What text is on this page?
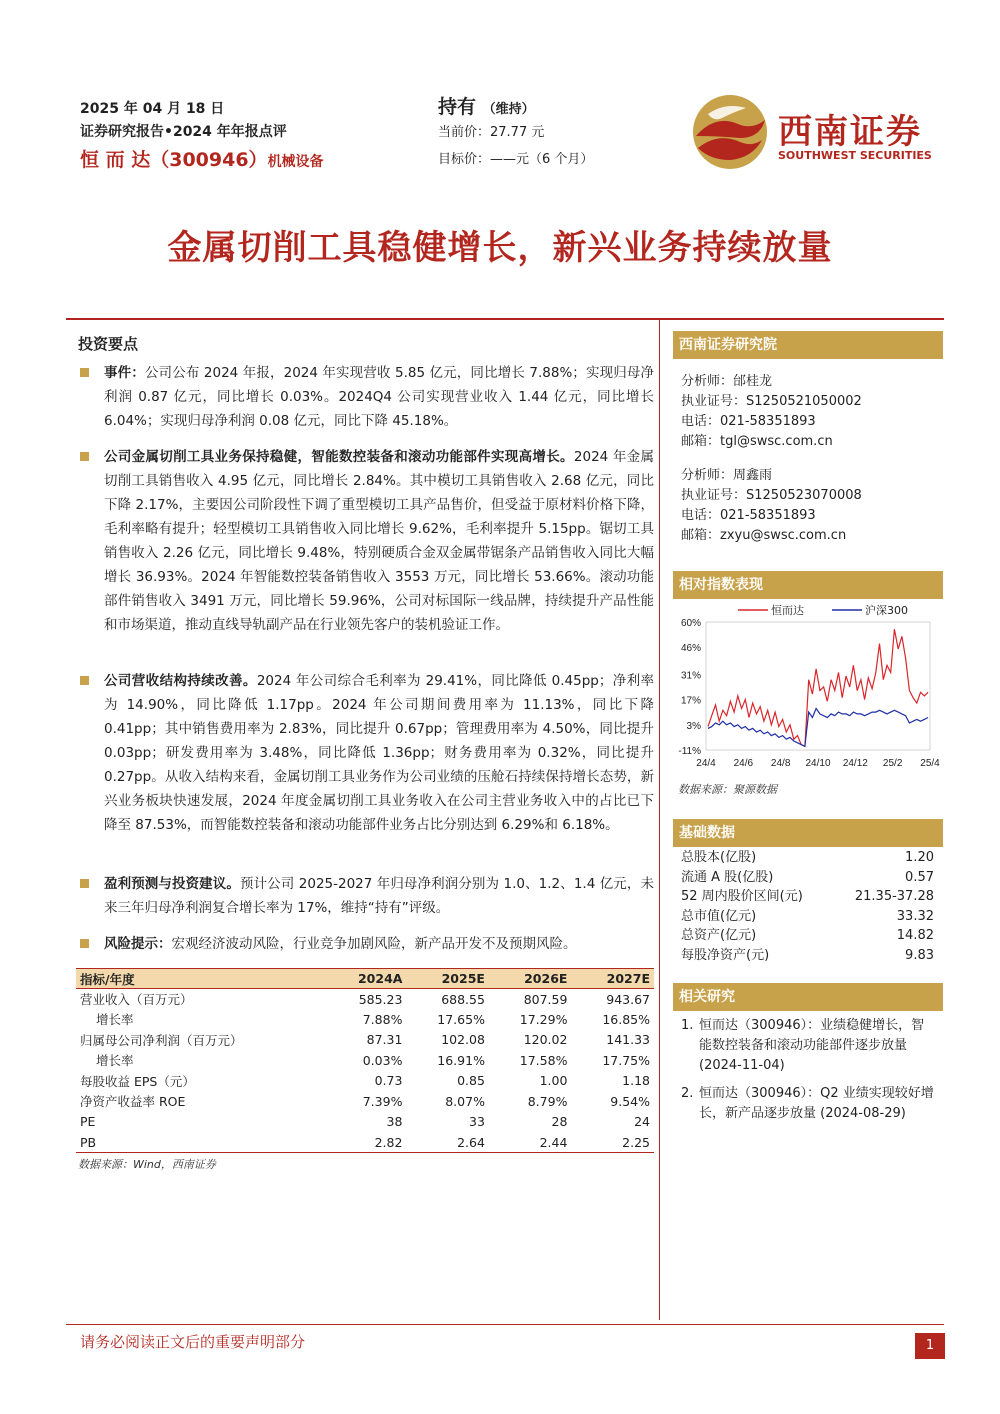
2025 年 04 月 18 日
证券研究报告•2024 年年报点评
恒 而 达（300946）机械设备
持有 （维持）
当前价：27.77 元
目标价：——元（6 个月）
西南证券
SOUTHWEST SECURITIES
金属切削工具稳健增长，新兴业务持续放量
投资要点
事件：公司公布 2024 年报，2024 年实现营收 5.85 亿元，同比增长 7.88%；实现归母净利润 0.87 亿元，同比增长 0.03%。2024Q4 公司实现营业收入 1.44 亿元，同比增长 6.04%；实现归母净利润 0.08 亿元，同比下降 45.18%。
公司金属切削工具业务保持稳健，智能数控装备和滚动功能部件实现高增长。2024 年金属切削工具销售收入 4.95 亿元，同比增长 2.84%。其中模切工具销售收入 2.68 亿元，同比下降 2.17%，主要因公司阶段性下调了重型模切工具产品售价，但受益于原材料价格下降，毛利率略有提升；轻型模切工具销售收入同比增长 9.62%，毛利率提升 5.15pp。锯切工具销售收入 2.26 亿元，同比增长 9.48%，特别硬质合金双金属带锯条产品销售收入同比大幅增长 36.93%。2024 年智能数控装备销售收入 3553 万元，同比增长 53.66%。滚动功能部件销售收入 3491 万元，同比增长 59.96%，公司对标国际一线品牌，持续提升产品性能和市场渠道，推动直线导轨副产品在行业领先客户的装机验证工作。
公司营收结构持续改善。2024 年公司综合毛利率为 29.41%，同比降低 0.45pp；净利率为 14.90%，同比降低 1.17pp。2024 年公司期间费用率为 11.13%，同比下降 0.41pp；其中销售费用率为 2.83%，同比提升 0.67pp；管理费用率为 4.50%，同比提升 0.03pp；研发费用率为 3.48%，同比降低 1.36pp；财务费用率为 0.32%，同比提升 0.27pp。从收入结构来看，金属切削工具业务作为公司业绩的压舱石持续保持增长态势，新兴业务板块快速发展，2024 年度金属切削工具业务收入在公司主营业务收入中的占比已下降至 87.53%，而智能数控装备和滚动功能部件业务占比分别达到 6.29%和 6.18%。
盈利预测与投资建议。预计公司 2025-2027 年归母净利润分别为 1.0、1.2、1.4 亿元，未来三年归母净利润复合增长率为 17%，维持“持有”评级。
风险提示：宏观经济波动风险，行业竞争加剧风险，新产品开发不及预期风险。
指标/年度	2024A	2025E	2026E	2027E
营业收入（百万元）	585.23	688.55	807.59	943.67
增长率	7.88%	17.65%	17.29%	16.85%
归属母公司净利润（百万元）	87.31	102.08	120.02	141.33
增长率	0.03%	16.91%	17.58%	17.75%
每股收益 EPS（元）	0.73	0.85	1.00	1.18
净资产收益率 ROE	7.39%	8.07%	8.79%	9.54%
PE	38	33	28	24
PB	2.82	2.64	2.44	2.25
数据来源：Wind，西南证券
西南证券研究院
分析师：邰桂龙
执业证号：S1250521050002
电话：021-58351893
邮箱：tgl@swsc.com.cn
分析师：周鑫雨
执业证号：S1250523070008
电话：021-58351893
邮箱：zxyu@swsc.com.cn
相对指数表现
60%
46%
31%
17%
3%
-11%
24/4 24/6 24/8 24/10 24/12 25/2 25/4
恒而达	沪深300
数据来源：聚源数据
基础数据
总股本(亿股)	1.20
流通 A 股(亿股)	0.57
52 周内股价区间(元)	21.35-37.28
总市值(亿元)	33.32
总资产(亿元)	14.82
每股净资产(元)	9.83
相关研究
1. 恒而达（300946）：业绩稳健增长，智能数控装备和滚动功能部件逐步放量 (2024-11-04)
2. 恒而达（300946）：Q2 业绩实现较好增长，新产品逐步放量 (2024-08-29)
请务必阅读正文后的重要声明部分	1
